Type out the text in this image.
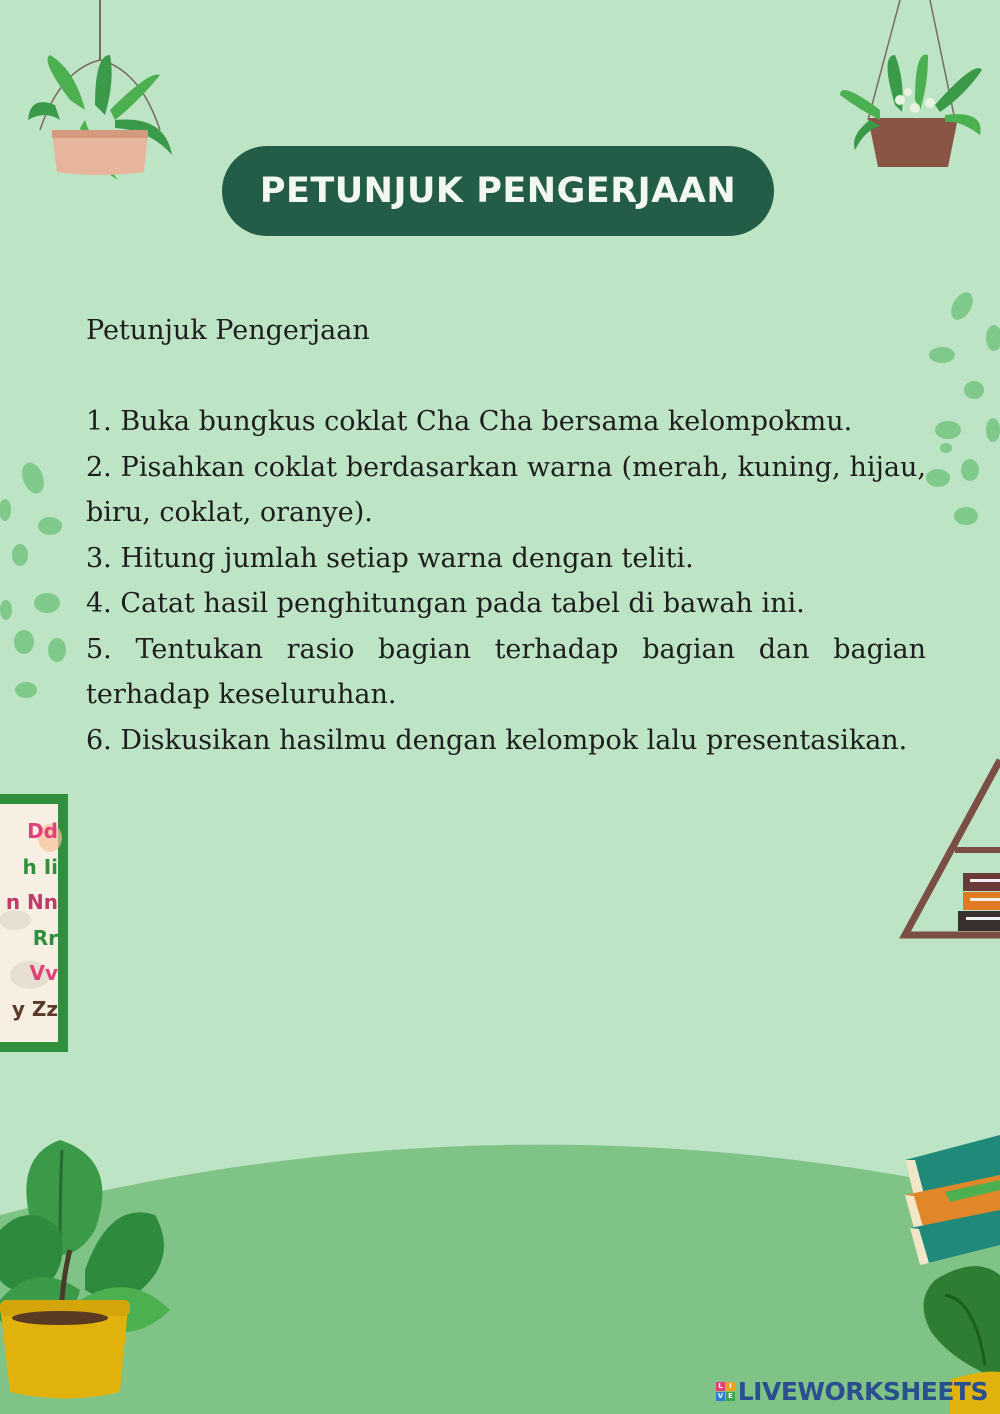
Dd
h Ii
n Nn
Rr
Vv
y Zz
PETUNJUK PENGERJAAN

Petunjuk Pengerjaan

1. Buka bungkus coklat Cha Cha bersama kelompokmu.
2. Pisahkan coklat berdasarkan warna (merah, kuning, hijau, biru, coklat, oranye).
3. Hitung jumlah setiap warna dengan teliti.
4. Catat hasil penghitungan pada tabel di bawah ini.
5. Tentukan rasio bagian terhadap bagian dan bagian terhadap keseluruhan.
6. Diskusikan hasilmu dengan kelompok lalu presentasikan.
L I
V E LIVEWORKSHEETS
